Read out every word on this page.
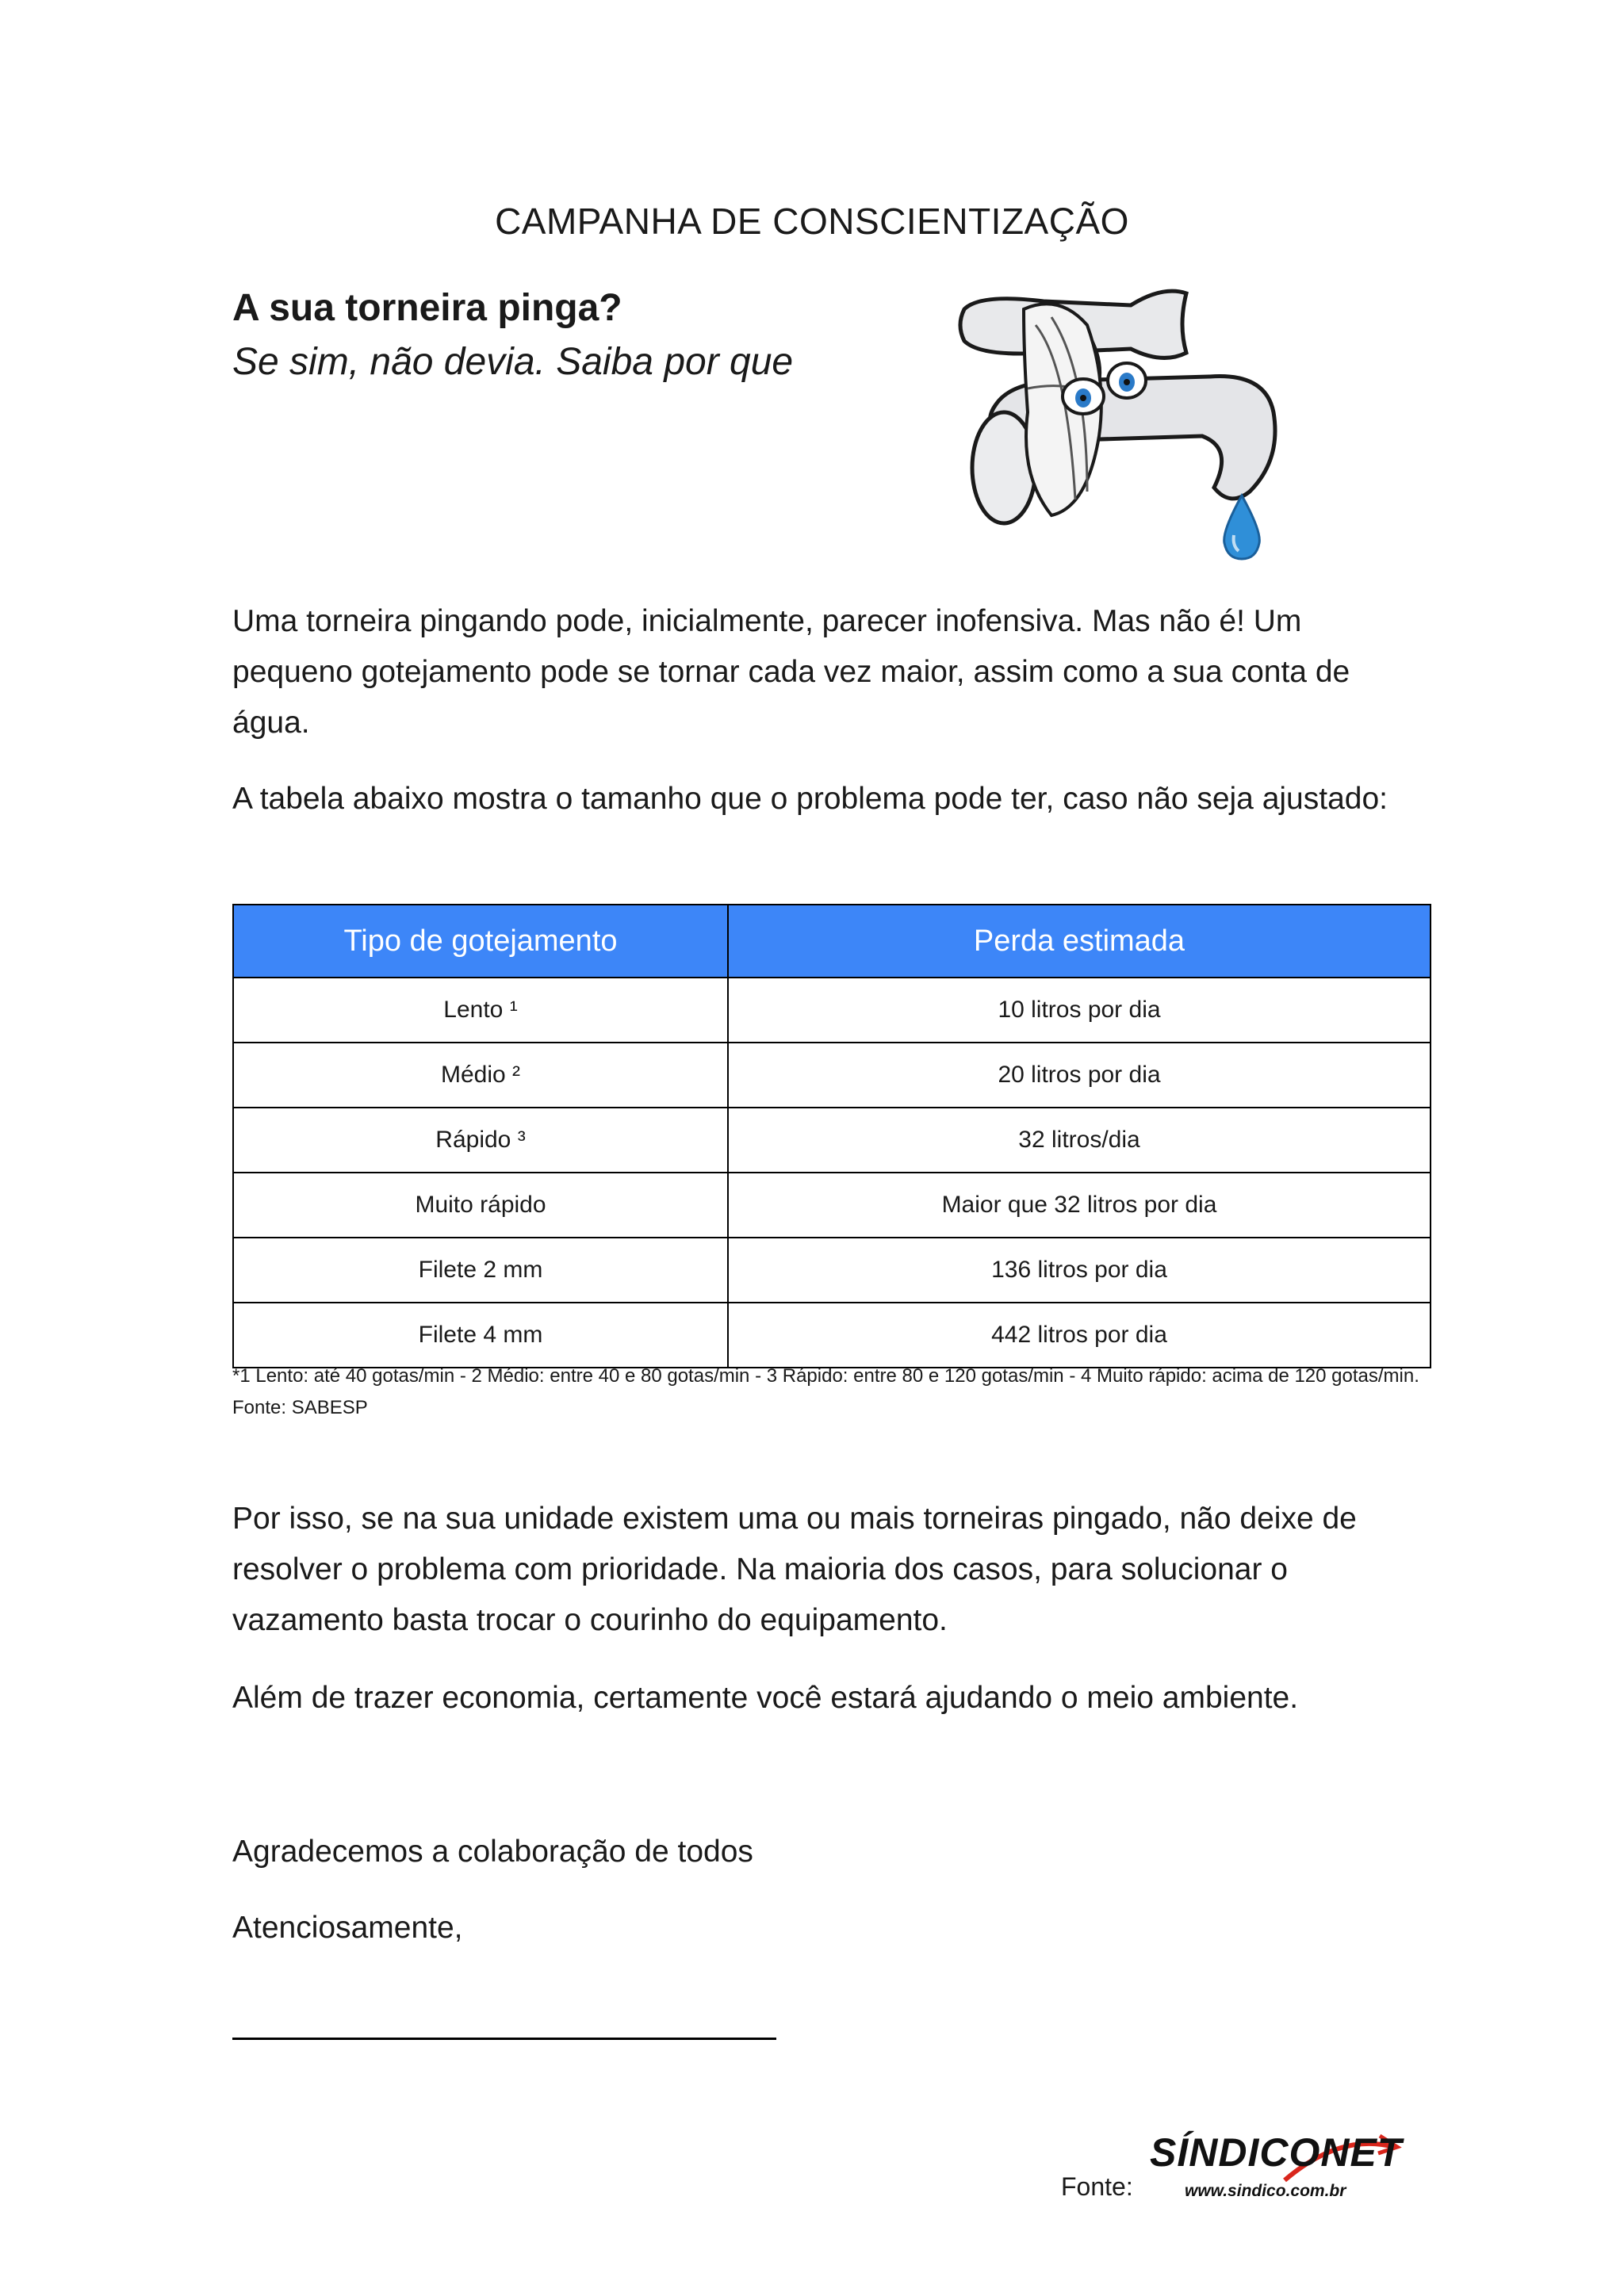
CAMPANHA DE CONSCIENTIZAÇÃO
A sua torneira pinga?
Se sim, não devia. Saiba por que
Uma torneira pingando pode, inicialmente, parecer inofensiva. Mas não é! Um pequeno gotejamento pode se tornar cada vez maior, assim como a sua conta de água.
A tabela abaixo mostra o tamanho que o problema pode ter, caso não seja ajustado:
Tipo de gotejamento	Perda estimada
Lento ¹	10 litros por dia
Médio ²	20 litros por dia
Rápido ³	32 litros/dia
Muito rápido	Maior que 32 litros por dia
Filete 2 mm	136 litros por dia
Filete 4 mm	442 litros por dia
*1 Lento: até 40 gotas/min - 2 Médio: entre 40 e 80 gotas/min - 3 Rápido: entre 80 e 120 gotas/min - 4 Muito rápido: acima de 120 gotas/min. Fonte: SABESP
Por isso, se na sua unidade existem uma ou mais torneiras pingado, não deixe de resolver o problema com prioridade. Na maioria dos casos, para solucionar o vazamento basta trocar o courinho do equipamento.
Além de trazer economia, certamente você estará ajudando o meio ambiente.
Agradecemos a colaboração de todos
Atenciosamente,
Fonte:
SÍNDICONET
www.sindico.com.br
